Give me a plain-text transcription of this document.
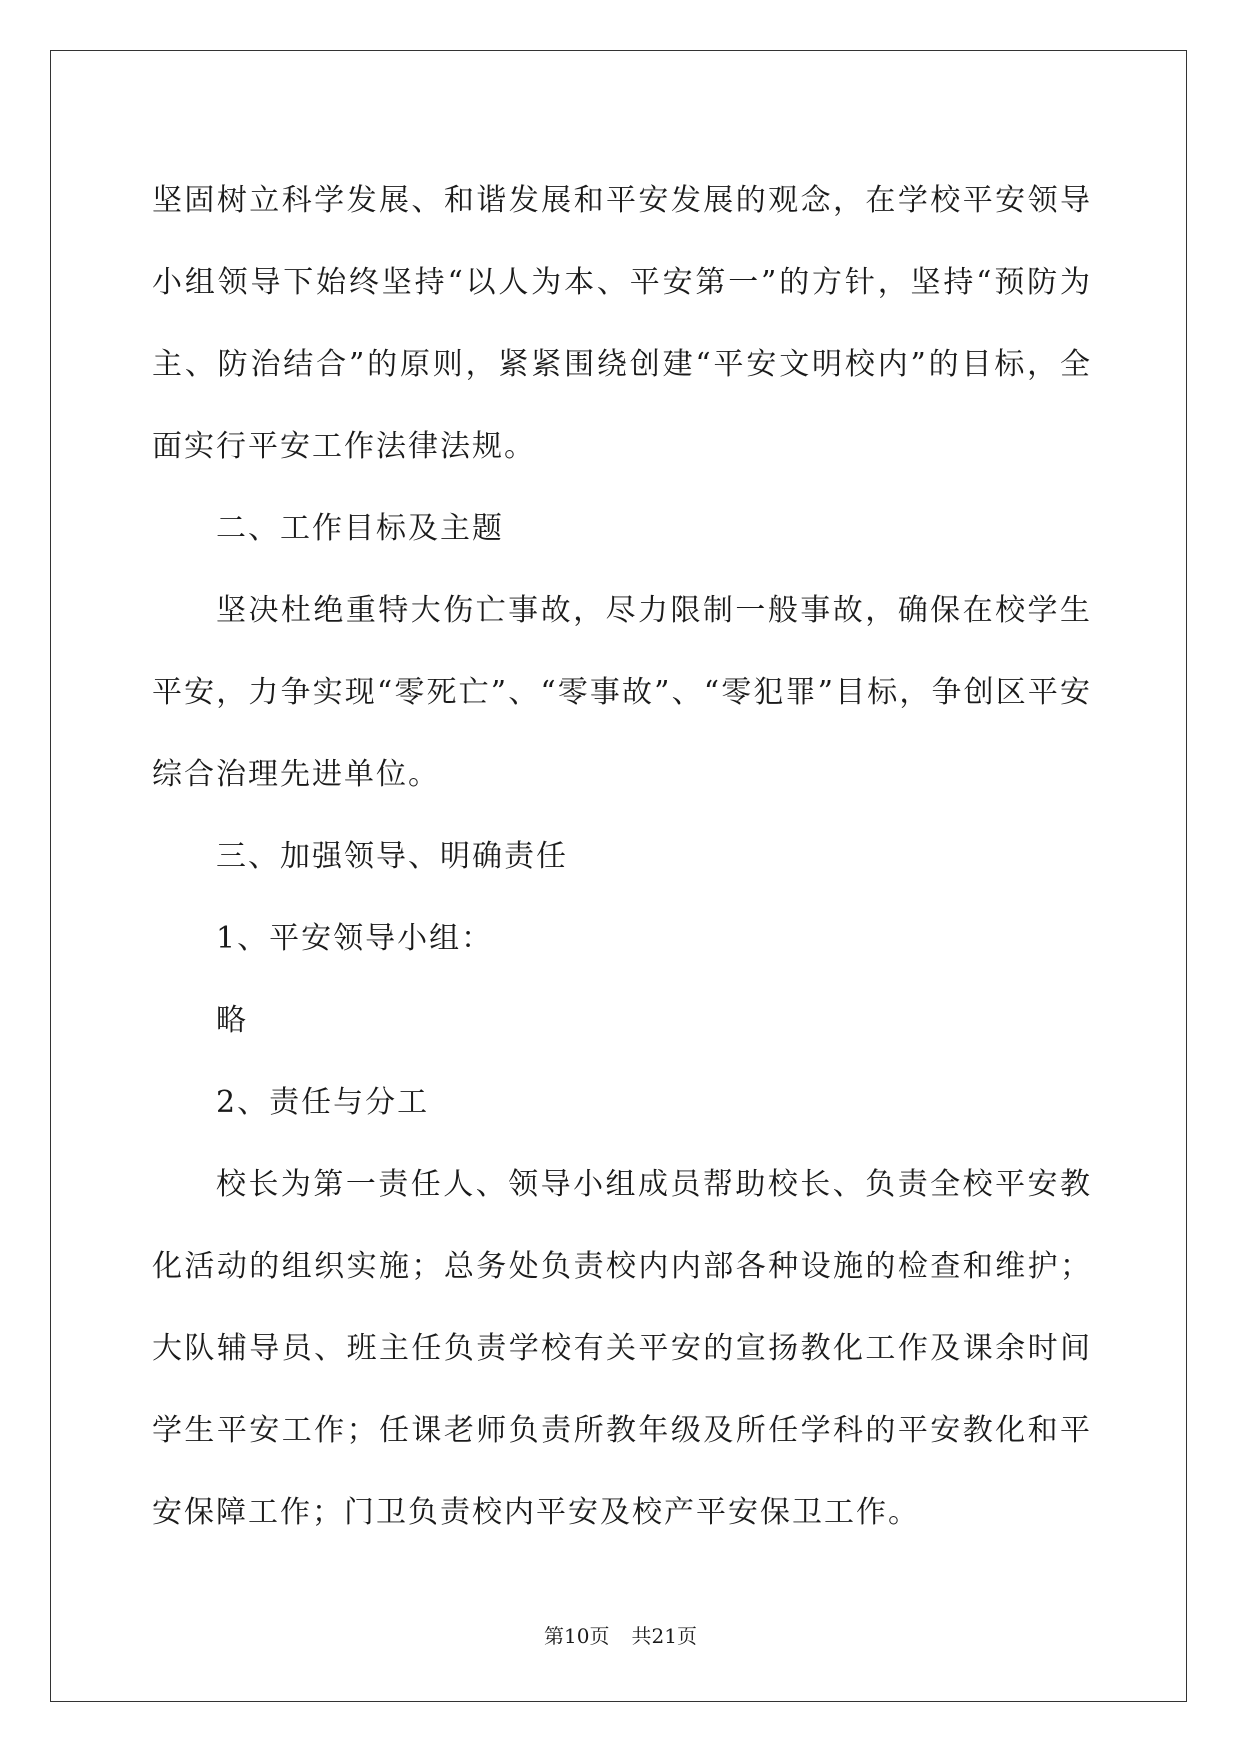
坚固树立科学发展、和谐发展和平安发展的观念，在学校平安领导小组领导下始终坚持“以人为本、平安第一”的方针，坚持“预防为主、防治结合”的原则，紧紧围绕创建“平安文明校内”的目标，全面实行平安工作法律法规。

二、工作目标及主题

坚决杜绝重特大伤亡事故，尽力限制一般事故，确保在校学生平安，力争实现“零死亡”、“零事故”、“零犯罪”目标，争创区平安综合治理先进单位。

三、加强领导、明确责任

1、平安领导小组：

略

2、责任与分工

校长为第一责任人、领导小组成员帮助校长、负责全校平安教化活动的组织实施；总务处负责校内内部各种设施的检查和维护；大队辅导员、班主任负责学校有关平安的宣扬教化工作及课余时间学生平安工作；任课老师负责所教年级及所任学科的平安教化和平安保障工作；门卫负责校内平安及校产平安保卫工作。

第10页 共21页
